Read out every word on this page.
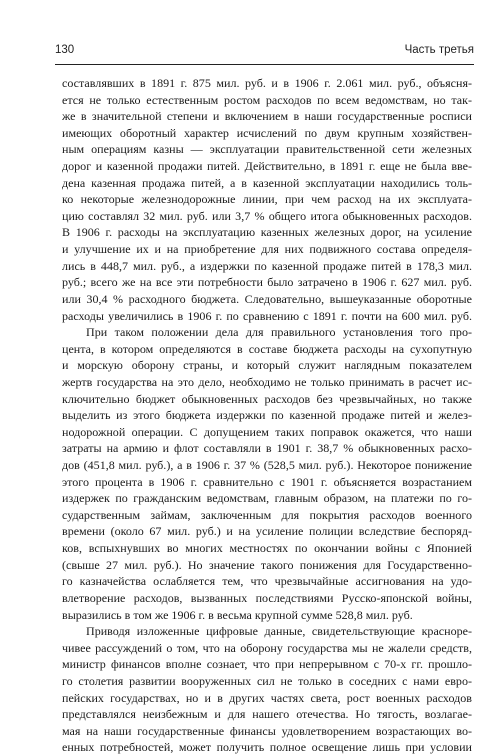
130	Часть третья
составлявших в 1891 г. 875 мил. руб. и в 1906 г. 2.061 мил. руб., объясня-
ется не только естественным ростом расходов по всем ведомствам, но так-
же в значительной степени и включением в наши государственные росписи
имеющих оборотный характер исчислений по двум крупным хозяйствен-
ным операциям казны — эксплуатации правительственной сети железных
дорог и казенной продажи питей. Действительно, в 1891 г. еще не была вве-
дена казенная продажа питей, а в казенной эксплуатации находились толь-
ко некоторые железнодорожные линии, при чем расход на их эксплуата-
цию составлял 32 мил. руб. или 3,7 % общего итога обыкновенных расходов.
В 1906 г. расходы на эксплуатацию казенных железных дорог, на усиление
и улучшение их и на приобретение для них подвижного состава определя-
лись в 448,7 мил. руб., а издержки по казенной продаже питей в 178,3 мил.
руб.; всего же на все эти потребности было затрачено в 1906 г. 627 мил. руб.
или 30,4 % расходного бюджета. Следовательно, вышеуказанные оборотные
расходы увеличились в 1906 г. по сравнению с 1891 г. почти на 600 мил. руб.
При таком положении дела для правильного установления того про-
цента, в котором определяются в составе бюджета расходы на сухопутную
и морскую оборону страны, и который служит наглядным показателем
жертв государства на это дело, необходимо не только принимать в расчет ис-
ключительно бюджет обыкновенных расходов без чрезвычайных, но также
выделить из этого бюджета издержки по казенной продаже питей и желез-
нодорожной операции. С допущением таких поправок окажется, что наши
затраты на армию и флот составляли в 1901 г. 38,7 % обыкновенных расхо-
дов (451,8 мил. руб.), а в 1906 г. 37 % (528,5 мил. руб.). Некоторое понижение
этого процента в 1906 г. сравнительно с 1901 г. объясняется возрастанием
издержек по гражданским ведомствам, главным образом, на платежи по го-
сударственным займам, заключенным для покрытия расходов военного
времени (около 67 мил. руб.) и на усиление полиции вследствие беспоряд-
ков, вспыхнувших во многих местностях по окончании войны с Японией
(свыше 27 мил. руб.). Но значение такого понижения для Государственно-
го казначейства ослабляется тем, что чрезвычайные ассигнования на удо-
влетворение расходов, вызванных последствиями Русско-японской войны,
выразились в том же 1906 г. в весьма крупной сумме 528,8 мил. руб.
Приводя изложенные цифровые данные, свидетельствующие красноре-
чивее рассуждений о том, что на оборону государства мы не жалели средств,
министр финансов вполне сознает, что при непрерывном с 70-х гг. прошло-
го столетия развитии вооруженных сил не только в соседних с нами евро-
пейских государствах, но и в других частях света, рост военных расходов
представлялся неизбежным и для нашего отечества. Но тягость, возлагае-
мая на наши государственные финансы удовлетворением возрастающих во-
енных потребностей, может получить полное освещение лишь при условии
